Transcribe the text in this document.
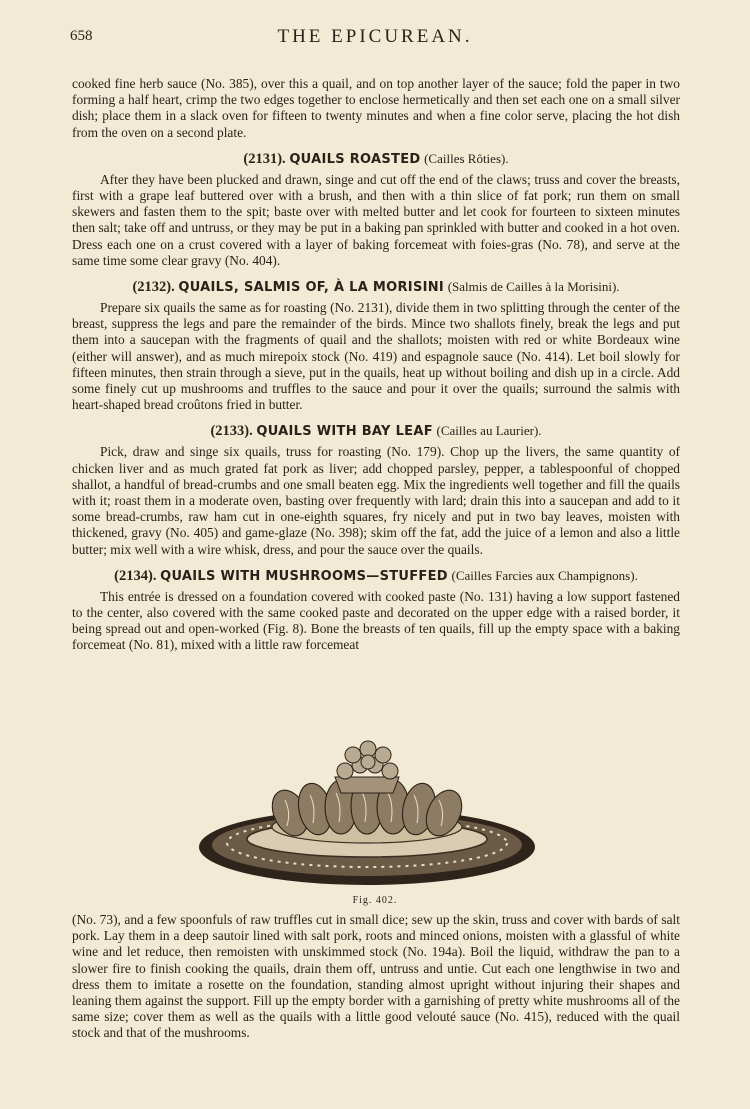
658	THE EPICUREAN.

cooked fine herb sauce (No. 385), over this a quail, and on top another layer of the sauce; fold the paper in two forming a half heart, crimp the two edges together to enclose hermetically and then set each one on a small silver dish; place them in a slack oven for fifteen to twenty minutes and when a fine color serve, placing the hot dish from the oven on a second plate.

(2131). QUAILS ROASTED (Cailles Rôties).

After they have been plucked and drawn, singe and cut off the end of the claws; truss and cover the breasts, first with a grape leaf buttered over with a brush, and then with a thin slice of fat pork; run them on small skewers and fasten them to the spit; baste over with melted butter and let cook for fourteen to sixteen minutes then salt; take off and untruss, or they may be put in a baking pan sprinkled with butter and cooked in a hot oven. Dress each one on a crust covered with a layer of baking forcemeat with foies-gras (No. 78), and serve at the same time some clear gravy (No. 404).

(2132). QUAILS, SALMIS OF, À LA MORISINI (Salmis de Cailles à la Morisini).

Prepare six quails the same as for roasting (No. 2131), divide them in two splitting through the center of the breast, suppress the legs and pare the remainder of the birds. Mince two shallots finely, break the legs and put them into a saucepan with the fragments of quail and the shallots; moisten with red or white Bordeaux wine (either will answer), and as much mirepoix stock (No. 419) and espagnole sauce (No. 414). Let boil slowly for fifteen minutes, then strain through a sieve, put in the quails, heat up without boiling and dish up in a circle. Add some finely cut up mushrooms and truffles to the sauce and pour it over the quails; surround the salmis with heart-shaped bread croûtons fried in butter.

(2133). QUAILS WITH BAY LEAF (Cailles au Laurier).

Pick, draw and singe six quails, truss for roasting (No. 179). Chop up the livers, the same quantity of chicken liver and as much grated fat pork as liver; add chopped parsley, pepper, a tablespoonful of chopped shallot, a handful of bread-crumbs and one small beaten egg. Mix the ingredients well together and fill the quails with it; roast them in a moderate oven, basting over frequently with lard; drain this into a saucepan and add to it some bread-crumbs, raw ham cut in one-eighth squares, fry nicely and put in two bay leaves, moisten with thickened, gravy (No. 405) and game-glaze (No. 398); skim off the fat, add the juice of a lemon and also a little butter; mix well with a wire whisk, dress, and pour the sauce over the quails.

(2134). QUAILS WITH MUSHROOMS—STUFFED (Cailles Farcies aux Champignons).

This entrée is dressed on a foundation covered with cooked paste (No. 131) having a low support fastened to the center, also covered with the same cooked paste and decorated on the upper edge with a raised border, it being spread out and open-worked (Fig. 8). Bone the breasts of ten quails, fill up the empty space with a baking forcemeat (No. 81), mixed with a little raw forcemeat

Fig. 402.

(No. 73), and a few spoonfuls of raw truffles cut in small dice; sew up the skin, truss and cover with bards of salt pork. Lay them in a deep sautoir lined with salt pork, roots and minced onions, moisten with a glassful of white wine and let reduce, then remoisten with unskimmed stock (No. 194a). Boil the liquid, withdraw the pan to a slower fire to finish cooking the quails, drain them off, untruss and untie. Cut each one lengthwise in two and dress them to imitate a rosette on the foundation, standing almost upright without injuring their shapes and leaning them against the support. Fill up the empty border with a garnishing of pretty white mushrooms all of the same size; cover them as well as the quails with a little good velouté sauce (No. 415), reduced with the quail stock and that of the mushrooms.
